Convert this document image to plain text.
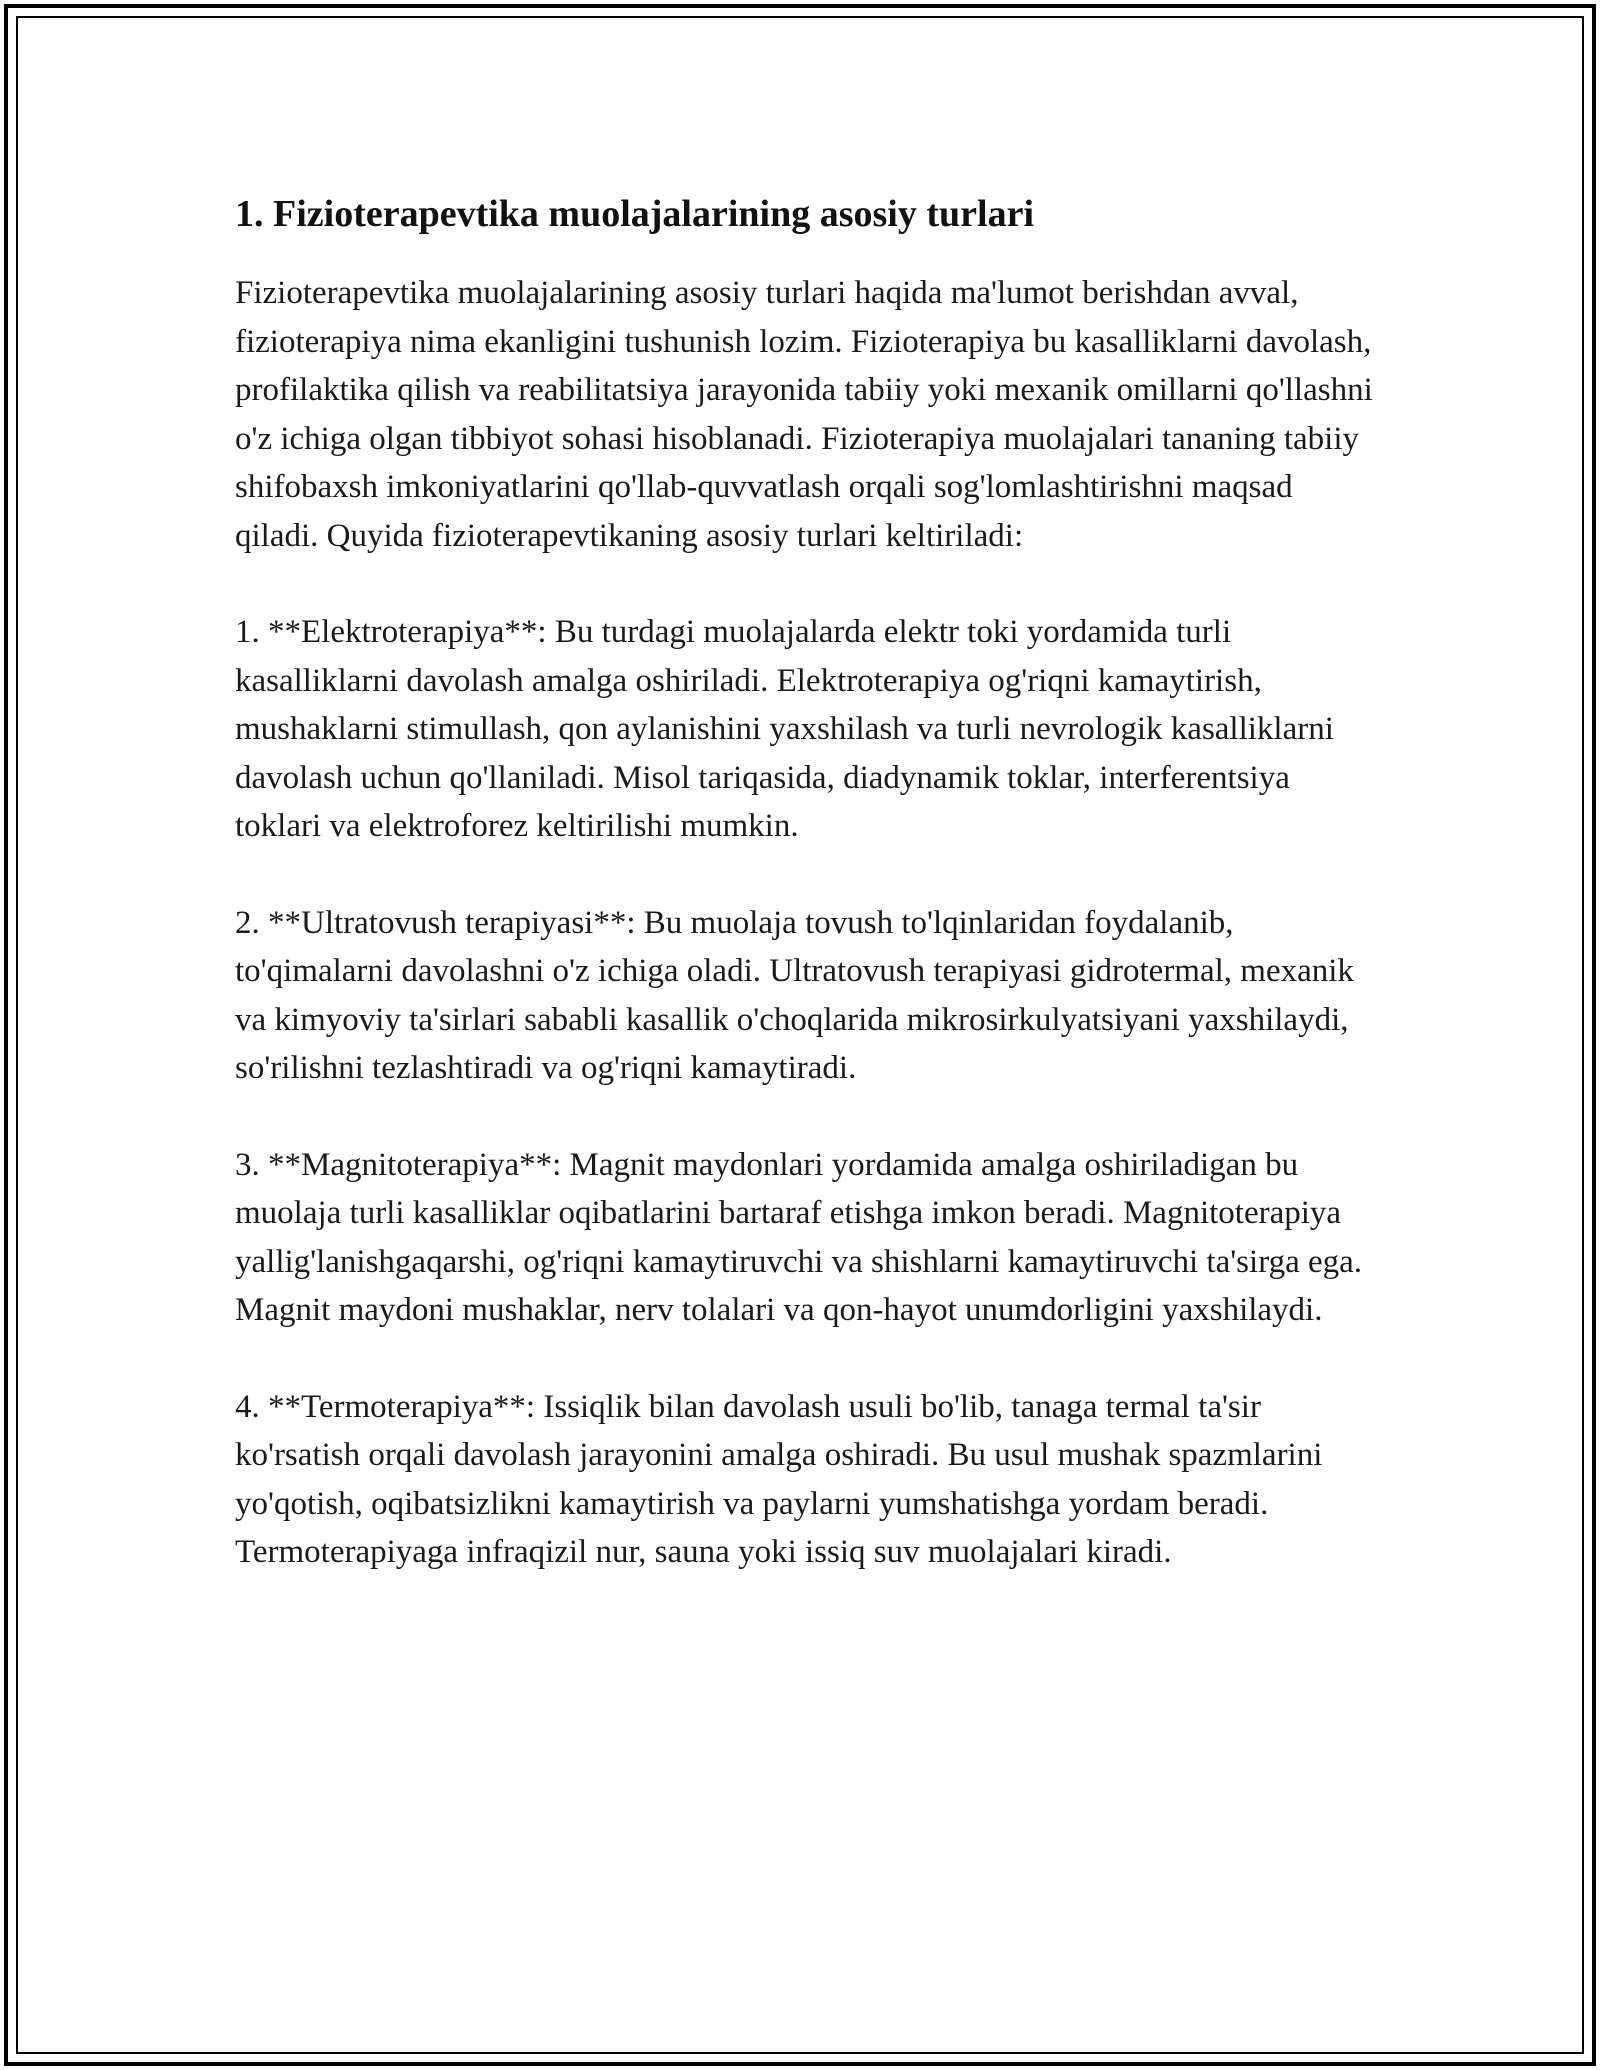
1. Fizioterapevtika muolajalarining asosiy turlari

Fizioterapevtika muolajalarining asosiy turlari haqida ma'lumot berishdan avval, fizioterapiya nima ekanligini tushunish lozim. Fizioterapiya bu kasalliklarni davolash, profilaktika qilish va reabilitatsiya jarayonida tabiiy yoki mexanik omillarni qo'llashni o'z ichiga olgan tibbiyot sohasi hisoblanadi. Fizioterapiya muolajalari tananing tabiiy shifobaxsh imkoniyatlarini qo'llab-quvvatlash orqali sog'lomlashtirishni maqsad qiladi. Quyida fizioterapevtikaning asosiy turlari keltiriladi:

1. **Elektroterapiya**: Bu turdagi muolajalarda elektr toki yordamida turli kasalliklarni davolash amalga oshiriladi. Elektroterapiya og'riqni kamaytirish, mushaklarni stimullash, qon aylanishini yaxshilash va turli nevrologik kasalliklarni davolash uchun qo'llaniladi. Misol tariqasida, diadynamik toklar, interferentsiya toklari va elektroforez keltirilishi mumkin.

2. **Ultratovush terapiyasi**: Bu muolaja tovush to'lqinlaridan foydalanib, to'qimalarni davolashni o'z ichiga oladi. Ultratovush terapiyasi gidrotermal, mexanik va kimyoviy ta'sirlari sababli kasallik o'choqlarida mikrosirkulyatsiyani yaxshilaydi, so'rilishni tezlashtiradi va og'riqni kamaytiradi.

3. **Magnitoterapiya**: Magnit maydonlari yordamida amalga oshiriladigan bu muolaja turli kasalliklar oqibatlarini bartaraf etishga imkon beradi. Magnitoterapiya yallig'lanishgaqarshi, og'riqni kamaytiruvchi va shishlarni kamaytiruvchi ta'sirga ega. Magnit maydoni mushaklar, nerv tolalari va qon-hayot unumdorligini yaxshilaydi.

4. **Termoterapiya**: Issiqlik bilan davolash usuli bo'lib, tanaga termal ta'sir ko'rsatish orqali davolash jarayonini amalga oshiradi. Bu usul mushak spazmlarini yo'qotish, oqibatsizlikni kamaytirish va paylarni yumshatishga yordam beradi. Termoterapiyaga infraqizil nur, sauna yoki issiq suv muolajalari kiradi.
